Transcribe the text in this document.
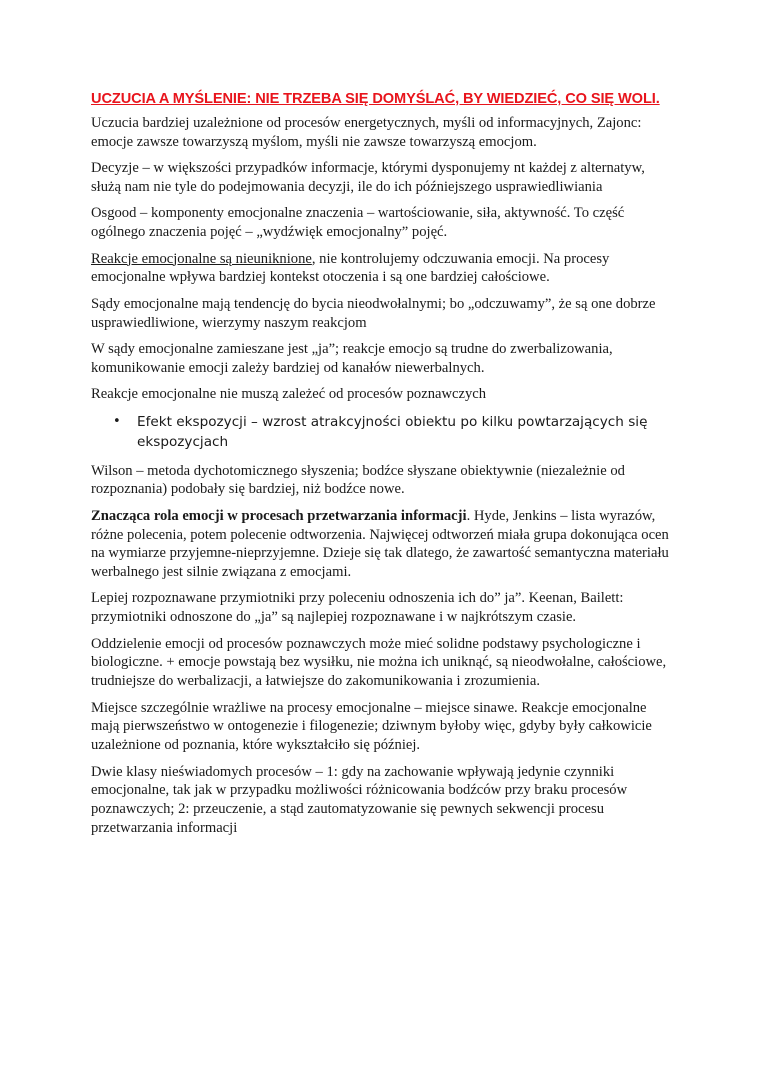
UCZUCIA A MYŚLENIE: NIE TRZEBA SIĘ DOMYŚLAĆ, BY WIEDZIEĆ, CO SIĘ WOLI.

Uczucia bardziej uzależnione od procesów energetycznych, myśli od informacyjnych, Zajonc: emocje zawsze towarzyszą myślom, myśli nie zawsze towarzyszą emocjom.

Decyzje – w większości przypadków informacje, którymi dysponujemy nt każdej z alternatyw, służą nam nie tyle do podejmowania decyzji, ile do ich późniejszego usprawiedliwiania

Osgood – komponenty emocjonalne znaczenia – wartościowanie, siła, aktywność. To część ogólnego znaczenia pojęć – „wydźwięk emocjonalny” pojęć.

Reakcje emocjonalne są nieuniknione, nie kontrolujemy odczuwania emocji. Na procesy emocjonalne wpływa bardziej kontekst otoczenia i są one bardziej całościowe.

Sądy emocjonalne mają tendencję do bycia nieodwołalnymi; bo „odczuwamy”, że są one dobrze usprawiedliwione, wierzymy naszym reakcjom

W sądy emocjonalne zamieszane jest „ja”; reakcje emocjo są trudne do zwerbalizowania, komunikowanie emocji zależy bardziej od kanałów niewerbalnych.

Reakcje emocjonalne nie muszą zależeć od procesów poznawczych

• Efekt ekspozycji – wzrost atrakcyjności obiektu po kilku powtarzających się ekspozycjach

Wilson – metoda dychotomicznego słyszenia; bodźce słyszane obiektywnie (niezależnie od rozpoznania) podobały się bardziej, niż bodźce nowe.

Znacząca rola emocji w procesach przetwarzania informacji. Hyde, Jenkins – lista wyrazów, różne polecenia, potem polecenie odtworzenia. Najwięcej odtworzeń miała grupa dokonująca ocen na wymiarze przyjemne-nieprzyjemne. Dzieje się tak dlatego, że zawartość semantyczna materiału werbalnego jest silnie związana z emocjami.

Lepiej rozpoznawane przymiotniki przy poleceniu odnoszenia ich do” ja”. Keenan, Bailett: przymiotniki odnoszone do „ja” są najlepiej rozpoznawane i w najkrótszym czasie.

Oddzielenie emocji od procesów poznawczych może mieć solidne podstawy psychologiczne i biologiczne. + emocje powstają bez wysiłku, nie można ich uniknąć, są nieodwołalne, całościowe, trudniejsze do werbalizacji, a łatwiejsze do zakomunikowania i zrozumienia.

Miejsce szczególnie wrażliwe na procesy emocjonalne – miejsce sinawe. Reakcje emocjonalne mają pierwszeństwo w ontogenezie i filogenezie; dziwnym byłoby więc, gdyby były całkowicie uzależnione od poznania, które wykształciło się później.

Dwie klasy nieświadomych procesów – 1: gdy na zachowanie wpływają jedynie czynniki emocjonalne, tak jak w przypadku możliwości różnicowania bodźców przy braku procesów poznawczych; 2: przeuczenie, a stąd zautomatyzowanie się pewnych sekwencji procesu przetwarzania informacji
